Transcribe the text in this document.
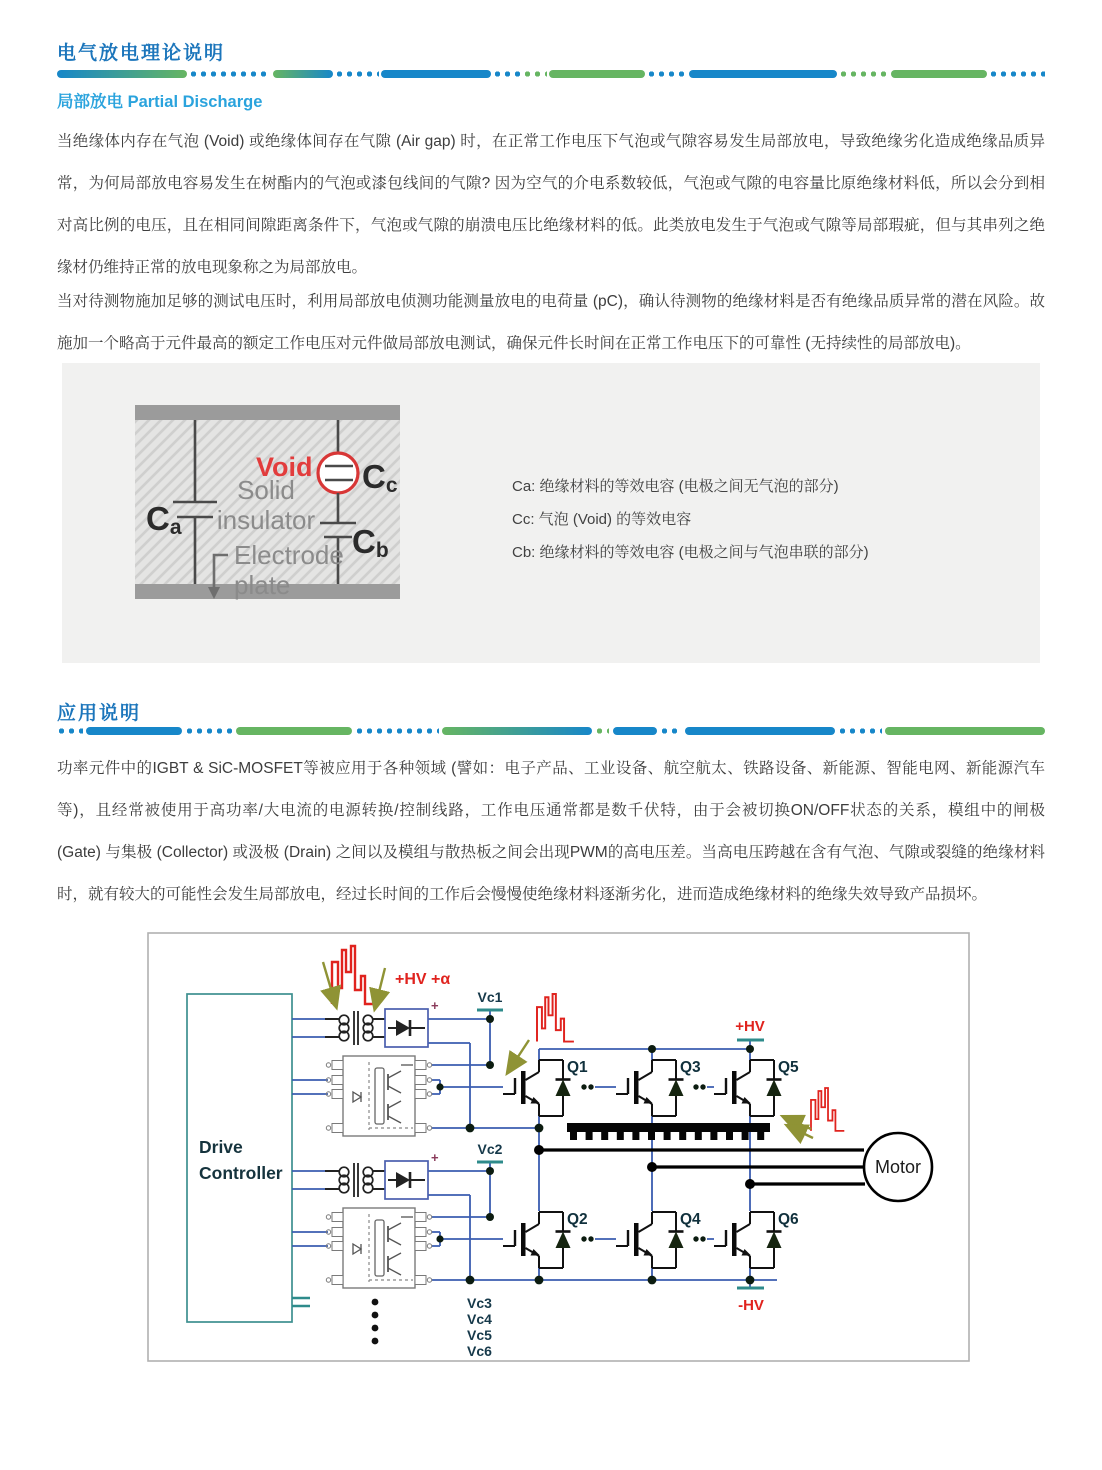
电气放电理论说明
局部放电 Partial Discharge

当绝缘体内存在气泡 (Void) 或绝缘体间存在气隙 (Air gap) 时，在正常工作电压下气泡或气隙容易发生局部放电，导致绝缘劣化造成绝缘品质异常，为何局部放电容易发生在树酯内的气泡或漆包线间的气隙? 因为空气的介电系数较低，气泡或气隙的电容量比原绝缘材料低，所以会分到相对高比例的电压，且在相同间隙距离条件下，气泡或气隙的崩溃电压比绝缘材料的低。此类放电发生于气泡或气隙等局部瑕疵，但与其串列之绝缘材仍维持正常的放电现象称之为局部放电。

当对待测物施加足够的测试电压时，利用局部放电侦测功能测量放电的电荷量 (pC)，确认待测物的绝缘材料是否有绝缘品质异常的潜在风险。故施加一个略高于元件最高的额定工作电压对元件做局部放电测试，确保元件长时间在正常工作电压下的可靠性 (无持续性的局部放电)。

Ca
Void Cc
Cb
Solid
insulator
Electrode
plate
Ca: 绝缘材料的等效电容 (电极之间无气泡的部分)
Cc: 气泡 (Void) 的等效电容
Cb: 绝缘材料的等效电容 (电极之间与气泡串联的部分)
应用说明

功率元件中的IGBT & SiC-MOSFET等被应用于各种领域 (譬如：电子产品、工业设备、航空航太、铁路设备、新能源、智能电网、新能源汽车等)，且经常被使用于高功率/大电流的电源转换/控制线路，工作电压通常都是数千伏特，由于会被切换ON/OFF状态的关系，模组中的闸极 (Gate) 与集极 (Collector) 或汲极 (Drain) 之间以及模组与散热板之间会出现PWM的高电压差。当高电压跨越在含有气泡、气隙或裂缝的绝缘材料时，就有较大的可能性会发生局部放电，经过长时间的工作后会慢慢使绝缘材料逐渐劣化，进而造成绝缘材料的绝缘失效导致产品损坏。

Drive
Controller
+
+
Vc1
Vc2
+HV
-HV
Q1	Q3	Q5
Q2	Q4	Q6
Motor
+HV +α
Vc3
Vc4
Vc5
Vc6
